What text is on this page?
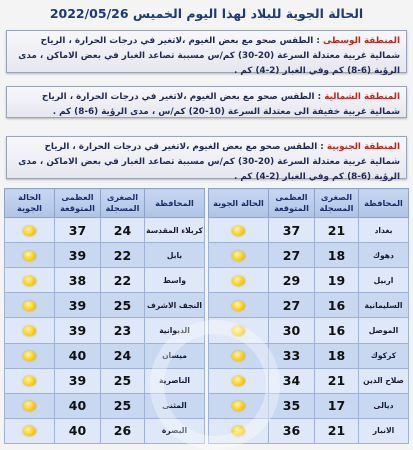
الحالة الجوية للبلاد لهذا اليوم الخميس 2022/05/26
المنطقة الوسطى : الطقس صحو مع بعض الغيوم ،لاتغير في درجات الحرارة ، الرياح شمالية غربية معتدلة السرعة (20-30) كم/س مسببة تصاعد الغبار في بعض الاماكن ، مدى الرؤية (6-8) كم وفي الغبار (2-4) كم .
المنطقة الشمالية : الطقس صحو مع بعض الغيوم ،لاتغير في درجات الحرارة ، الرياح شمالية غربية خفيفة الى معتدلة السرعة (10-20) كم/س ، مدى الرؤية (6-8) كم .
المنطقة الجنوبية : الطقس صحو مع بعض الغيوم ،لاتغير في درجات الحرارة ، الرياح شمالية غربية معتدلة السرعة (20-30) كم/س مسببة تصاعد الغبار في بعض الاماكن ، مدى الرؤية (6-8) كم وفي الغبار (2-4) كم .
المحافظة	الصغرى المسجلة	العظمى المتوقعة	الحالة الجوية
بغداد	21	37	
دهوك	18	27	
اربيل	19	29	
السليمانية	16	27	
الموصل	16	30	
كركوك	18	33	
صلاح الدين	21	34	
ديالى	17	35	
الانبار	21	36	
المحافظة	الصغرى المسجلة	العظمى المتوقعة	الحالة الجوية
كربلاء المقدسة	24	37	
بابل	22	39	
واسط	22	38	
النجف الاشرف	25	39	
الديوانية	23	39	
ميسان	24	40	
الناصرية	25	39	
المثنى	25	40	
البصرة	26	40	
